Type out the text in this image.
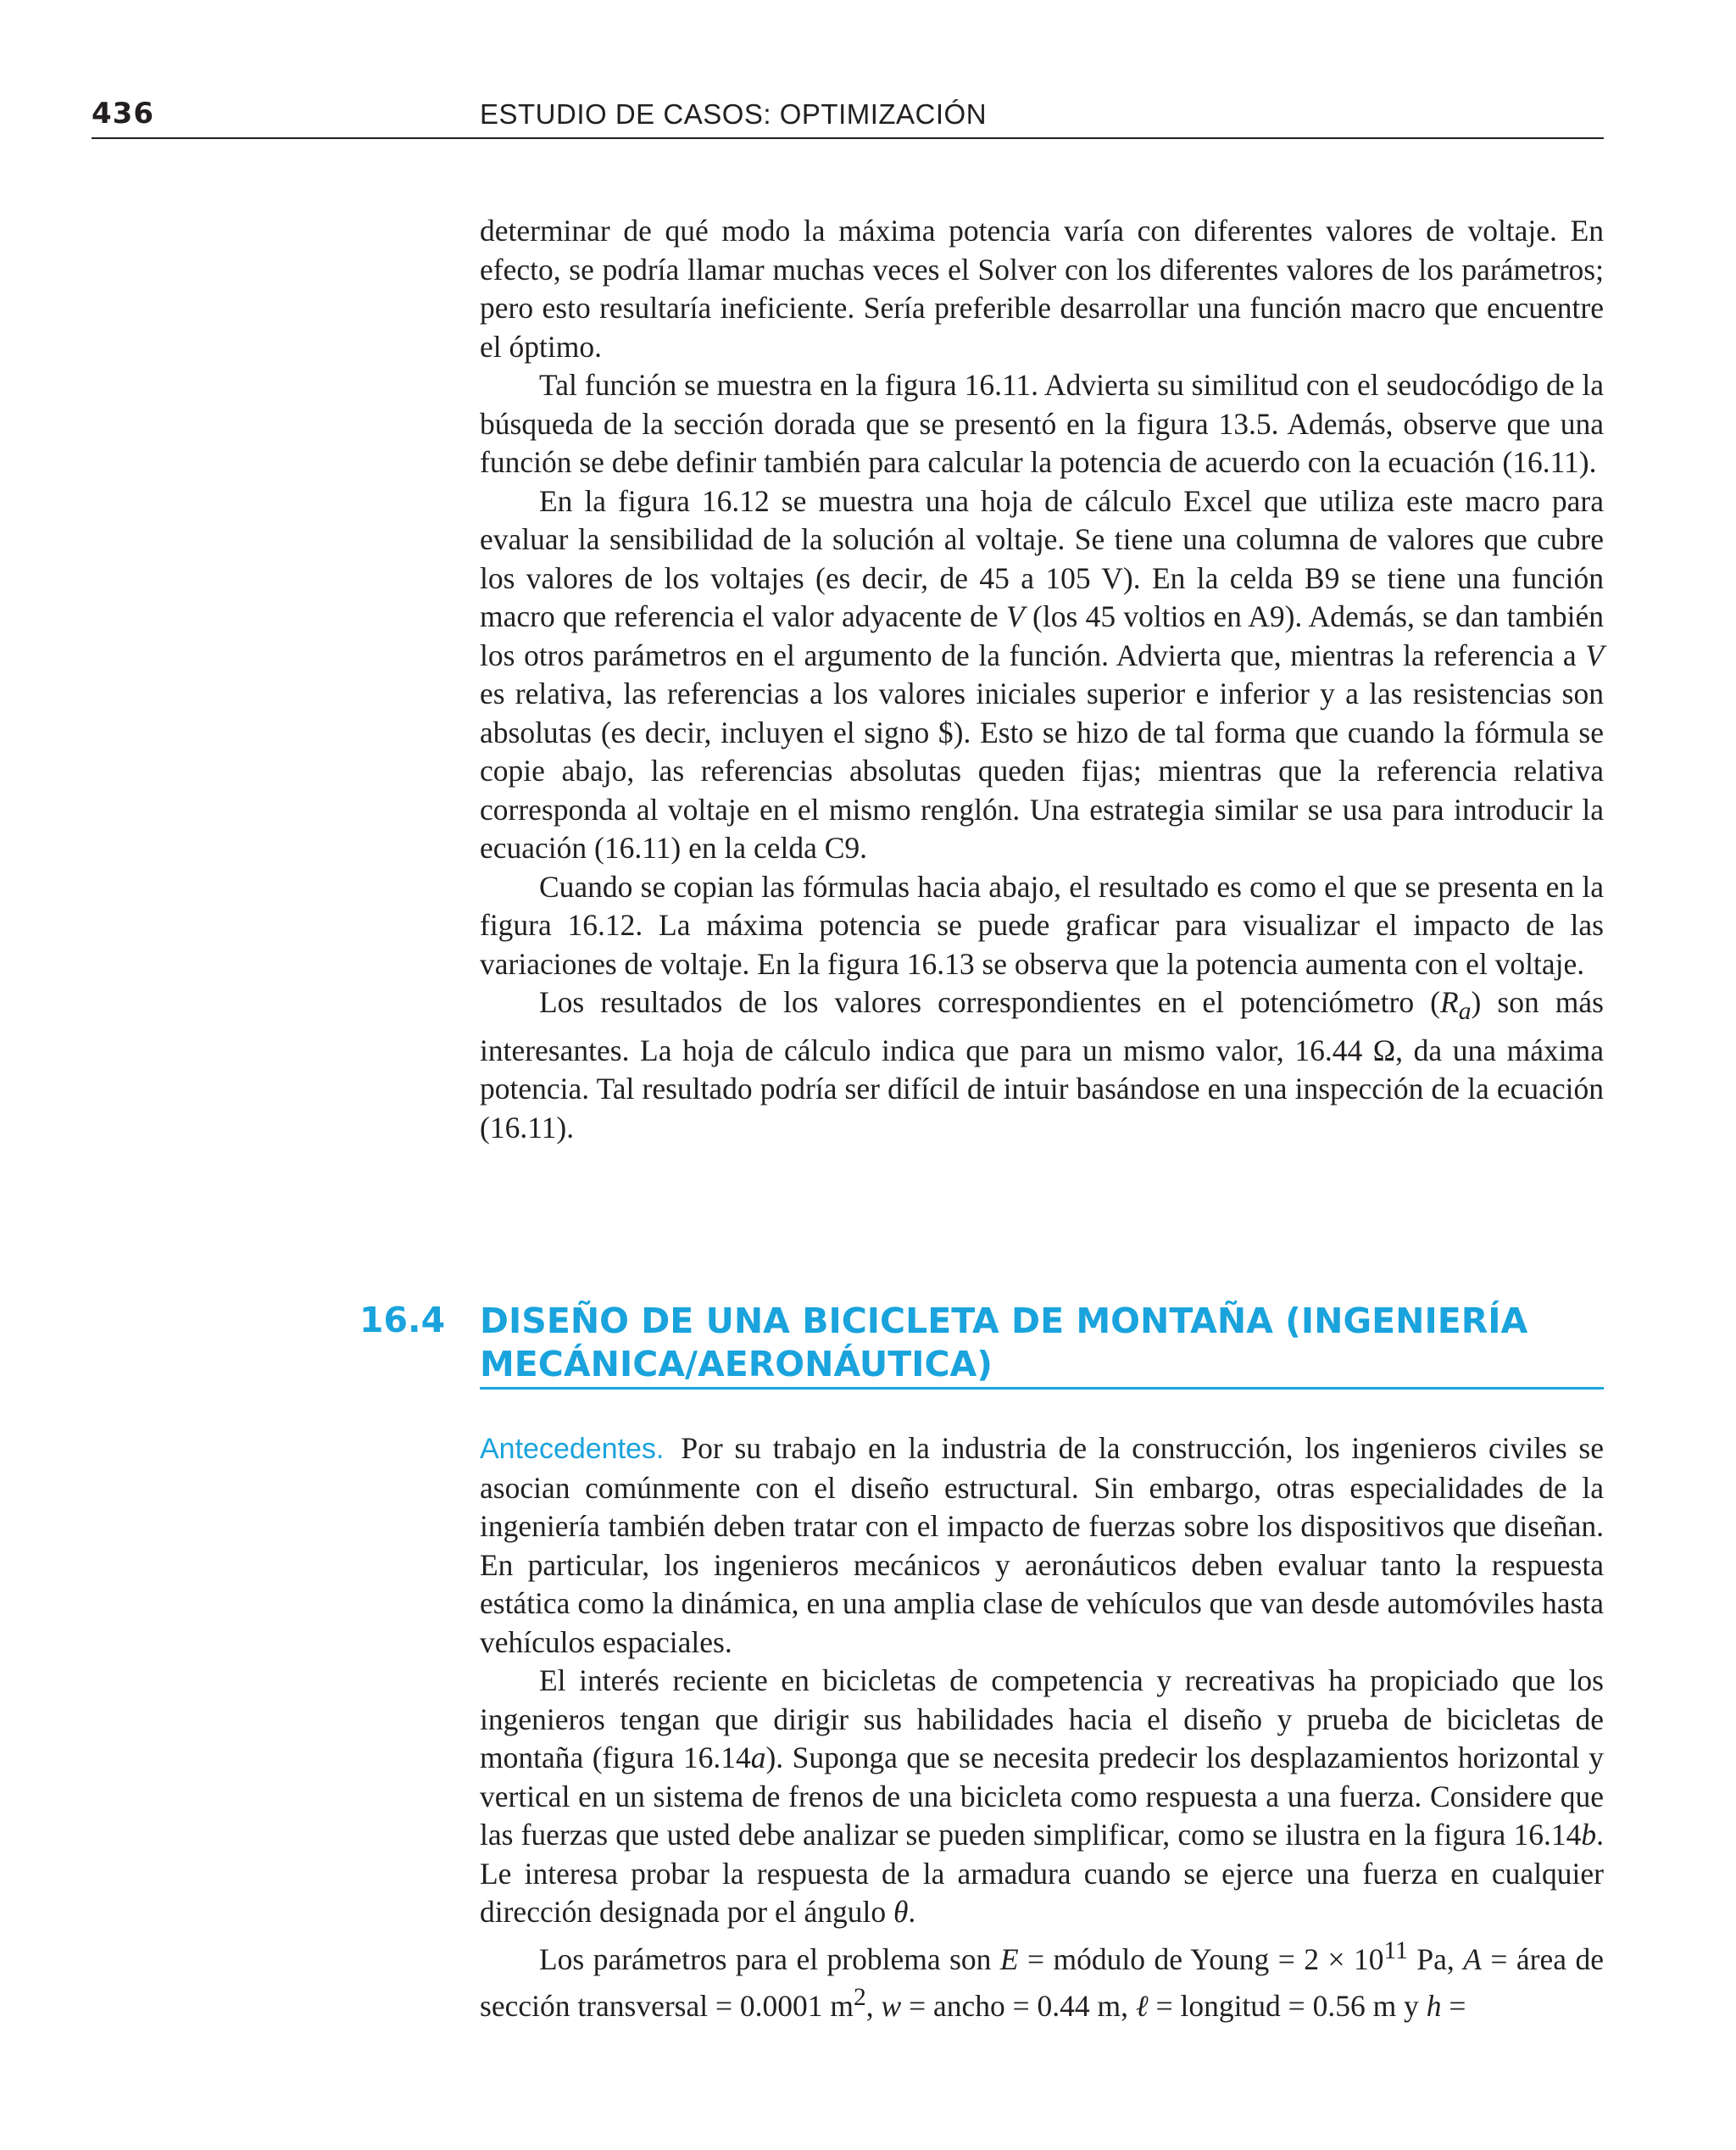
436	ESTUDIO DE CASOS: OPTIMIZACIÓN

determinar de qué modo la máxima potencia varía con diferentes valores de voltaje. En efecto, se podría llamar muchas veces el Solver con los diferentes valores de los parámetros; pero esto resultaría ineficiente. Sería preferible desarrollar una función macro que encuentre el óptimo.

Tal función se muestra en la figura 16.11. Advierta su similitud con el seudocódigo de la búsqueda de la sección dorada que se presentó en la figura 13.5. Además, observe que una función se debe definir también para calcular la potencia de acuerdo con la ecuación (16.11).

En la figura 16.12 se muestra una hoja de cálculo Excel que utiliza este macro para evaluar la sensibilidad de la solución al voltaje. Se tiene una columna de valores que cubre los valores de los voltajes (es decir, de 45 a 105 V). En la celda B9 se tiene una función macro que referencia el valor adyacente de V (los 45 voltios en A9). Además, se dan también los otros parámetros en el argumento de la función. Advierta que, mientras la referencia a V es relativa, las referencias a los valores iniciales superior e inferior y a las resistencias son absolutas (es decir, incluyen el signo $). Esto se hizo de tal forma que cuando la fórmula se copie abajo, las referencias absolutas queden fijas; mientras que la referencia relativa corresponda al voltaje en el mismo renglón. Una estrategia similar se usa para introducir la ecuación (16.11) en la celda C9.

Cuando se copian las fórmulas hacia abajo, el resultado es como el que se presenta en la figura 16.12. La máxima potencia se puede graficar para visualizar el impacto de las variaciones de voltaje. En la figura 16.13 se observa que la potencia aumenta con el voltaje.

Los resultados de los valores correspondientes en el potenciómetro $(R_a)$ son más interesantes. La hoja de cálculo indica que para un mismo valor, 16.44 Ω, da una máxima potencia. Tal resultado podría ser difícil de intuir basándose en una inspección de la ecuación (16.11).

16.4 DISEÑO DE UNA BICICLETA DE MONTAÑA (INGENIERÍA MECÁNICA/AERONÁUTICA)

Antecedentes. Por su trabajo en la industria de la construcción, los ingenieros civiles se asocian comúnmente con el diseño estructural. Sin embargo, otras especialidades de la ingeniería también deben tratar con el impacto de fuerzas sobre los dispositivos que diseñan. En particular, los ingenieros mecánicos y aeronáuticos deben evaluar tanto la respuesta estática como la dinámica, en una amplia clase de vehículos que van desde automóviles hasta vehículos espaciales.

El interés reciente en bicicletas de competencia y recreativas ha propiciado que los ingenieros tengan que dirigir sus habilidades hacia el diseño y prueba de bicicletas de montaña (figura 16.14a). Suponga que se necesita predecir los desplazamientos horizontal y vertical en un sistema de frenos de una bicicleta como respuesta a una fuerza. Considere que las fuerzas que usted debe analizar se pueden simplificar, como se ilustra en la figura 16.14b. Le interesa probar la respuesta de la armadura cuando se ejerce una fuerza en cualquier dirección designada por el ángulo θ.

Los parámetros para el problema son E = módulo de Young = $2 \times 10^{11}$ Pa, A = área de sección transversal = 0.0001 $m^2$, w = ancho = 0.44 m, ℓ = longitud = 0.56 m y h =
